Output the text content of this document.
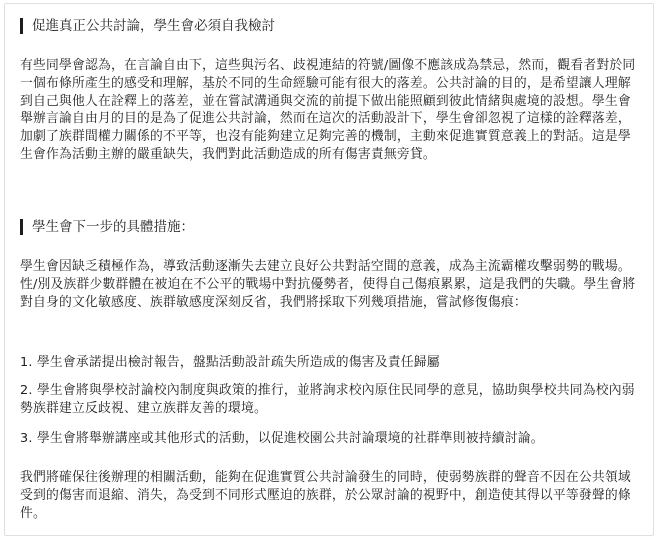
促進真正公共討論，學生會必須自我檢討
有些同學會認為，在言論自由下，這些與污名、歧視連結的符號/圖像不應該成為禁忌，然而，觀看者對於同一個布條所產生的感受和理解，基於不同的生命經驗可能有很大的落差。公共討論的目的，是希望讓人理解到自己與他人在詮釋上的落差，並在嘗試溝通與交流的前提下做出能照顧到彼此情緒與處境的設想。學生會舉辦言論自由月的目的是為了促進公共討論，然而在這次的活動設計下，學生會卻忽視了這樣的詮釋落差，加劇了族群間權力關係的不平等，也沒有能夠建立足夠完善的機制，主動來促進實質意義上的對話。這是學生會作為活動主辦的嚴重缺失，我們對此活動造成的所有傷害責無旁貸。
學生會下一步的具體措施：
學生會因缺乏積極作為，導致活動逐漸失去建立良好公共對話空間的意義，成為主流霸權攻擊弱勢的戰場。性/別及族群少數群體在被迫在不公平的戰場中對抗優勢者，使得自己傷痕累累，這是我們的失職。學生會將對自身的文化敏感度、族群敏感度深刻反省，我們將採取下列幾項措施，嘗試修復傷痕：
1. 學生會承諾提出檢討報告，盤點活動設計疏失所造成的傷害及責任歸屬
2. 學生會將與學校討論校內制度與政策的推行，並將詢求校內原住民同學的意見，協助與學校共同為校內弱勢族群建立反歧視、建立族群友善的環境。
3. 學生會將舉辦講座或其他形式的活動，以促進校園公共討論環境的社群準則被持續討論。
我們將確保往後辦理的相關活動，能夠在促進實質公共討論發生的同時，使弱勢族群的聲音不因在公共領域受到的傷害而退縮、消失，為受到不同形式壓迫的族群，於公眾討論的視野中，創造使其得以平等發聲的條件。
